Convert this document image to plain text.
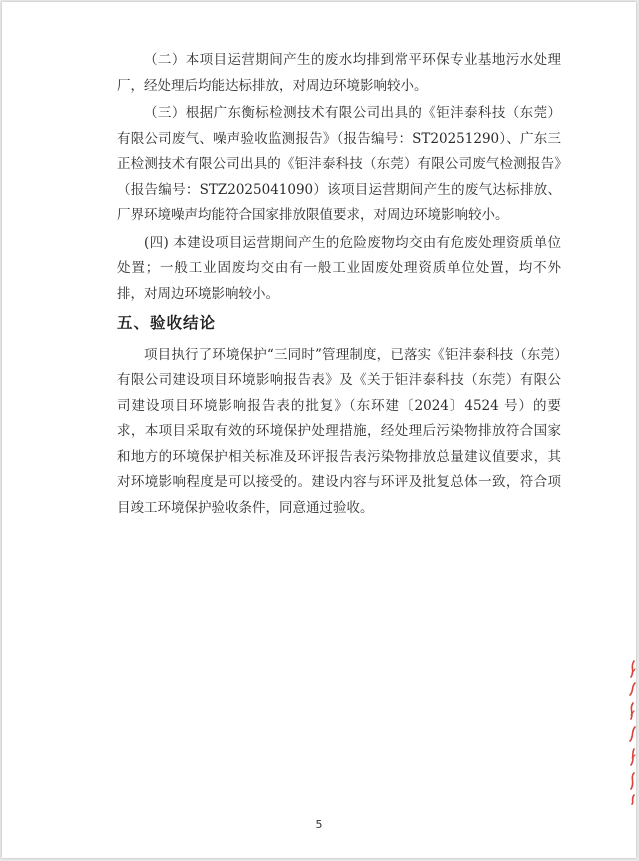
（二）本项目运营期间产生的废水均排到常平环保专业基地污水处理厂，经处理后均能达标排放，对周边环境影响较小。

（三）根据广东衡标检测技术有限公司出具的《钜沣泰科技（东莞）有限公司废气、噪声验收监测报告》（报告编号：ST20251290）、广东三正检测技术有限公司出具的《钜沣泰科技（东莞）有限公司废气检测报告》（报告编号：STZ2025041090）该项目运营期间产生的废气达标排放、厂界环境噪声均能符合国家排放限值要求，对周边环境影响较小。

(四) 本建设项目运营期间产生的危险废物均交由有危废处理资质单位处置；一般工业固废均交由有一般工业固废处理资质单位处置，均不外排，对周边环境影响较小。

五、验收结论

项目执行了环境保护“三同时”管理制度，已落实《钜沣泰科技（东莞）有限公司建设项目环境影响报告表》及《关于钜沣泰科技（东莞）有限公司建设项目环境影响报告表的批复》（东环建〔2024〕4524 号）的要求，本项目采取有效的环境保护处理措施，经处理后污染物排放符合国家和地方的环境保护相关标准及环评报告表污染物排放总量建议值要求，其对环境影响程度是可以接受的。建设内容与环评及批复总体一致，符合项目竣工环境保护验收条件，同意通过验收。

5
